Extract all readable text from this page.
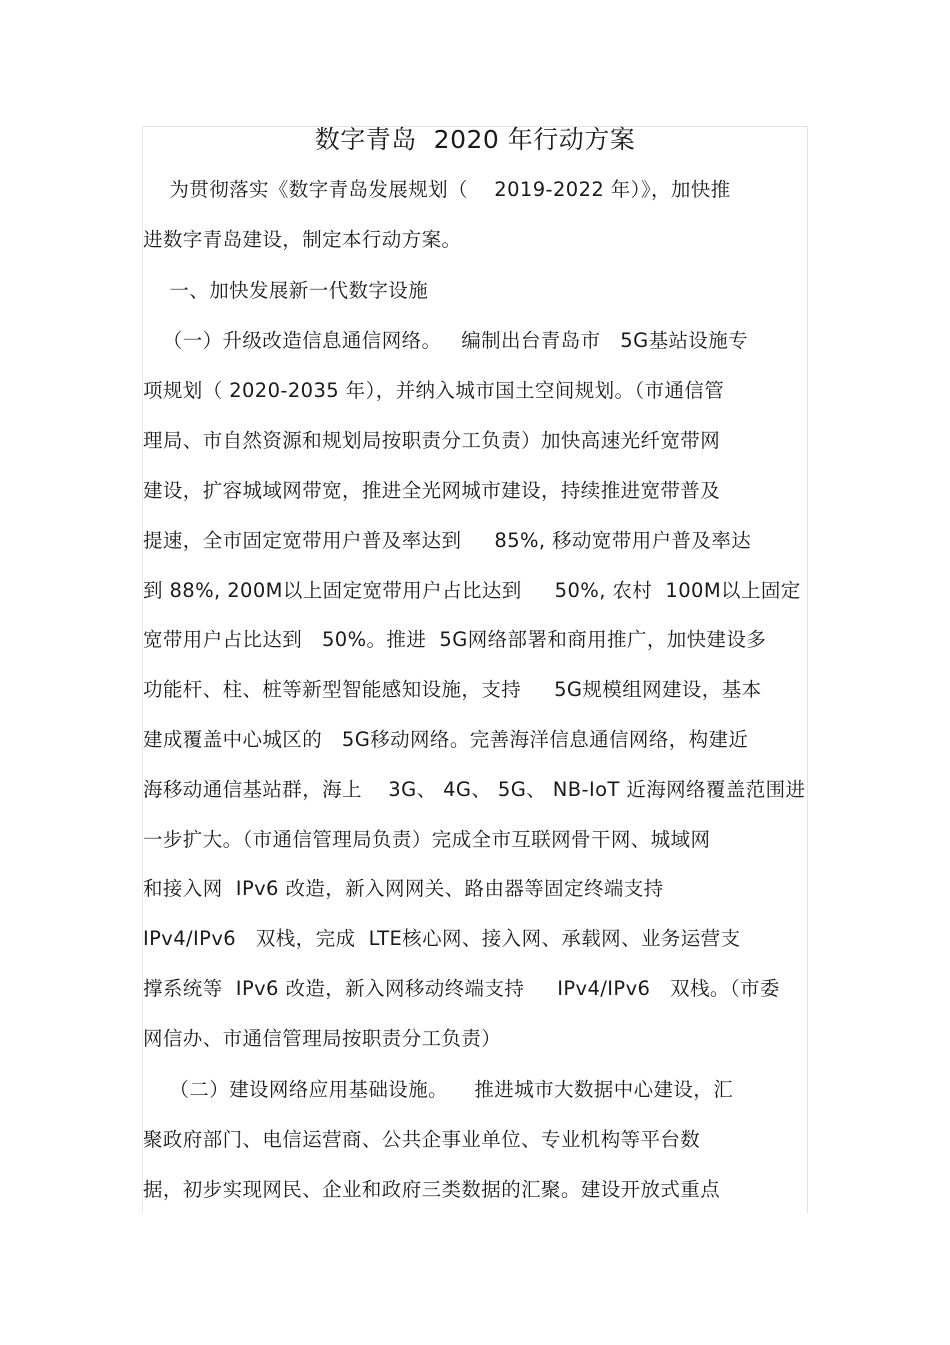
数字青岛  2020 年行动方案
为贯彻落实《数字青岛发展规划（    2019-2022 年）》，加快推
进数字青岛建设，制定本行动方案。
一、加快发展新一代数字设施
（一）升级改造信息通信网络。   编制出台青岛市   5G基站设施专
项规划（ 2020-2035 年），并纳入城市国土空间规划。（市通信管
理局、市自然资源和规划局按职责分工负责）加快高速光纤宽带网
建设，扩容城域网带宽，推进全光网城市建设，持续推进宽带普及
提速，全市固定宽带用户普及率达到     85%, 移动宽带用户普及率达
到 88%, 200M以上固定宽带用户占比达到     50%, 农村  100M以上固定
宽带用户占比达到   50%。推进  5G网络部署和商用推广，加快建设多
功能杆、柱、桩等新型智能感知设施，支持     5G规模组网建设，基本
建成覆盖中心城区的   5G移动网络。完善海洋信息通信网络，构建近
海移动通信基站群，海上    3G、 4G、 5G、 NB-IoT 近海网络覆盖范围进
一步扩大。（市通信管理局负责）完成全市互联网骨干网、城域网
和接入网  IPv6 改造，新入网网关、路由器等固定终端支持
IPv4/IPv6   双栈，完成  LTE核心网、接入网、承载网、业务运营支
撑系统等  IPv6 改造，新入网移动终端支持     IPv4/IPv6   双栈。（市委
网信办、市通信管理局按职责分工负责）
（二）建设网络应用基础设施。    推进城市大数据中心建设，汇
聚政府部门、电信运营商、公共企事业单位、专业机构等平台数
据，初步实现网民、企业和政府三类数据的汇聚。建设开放式重点
